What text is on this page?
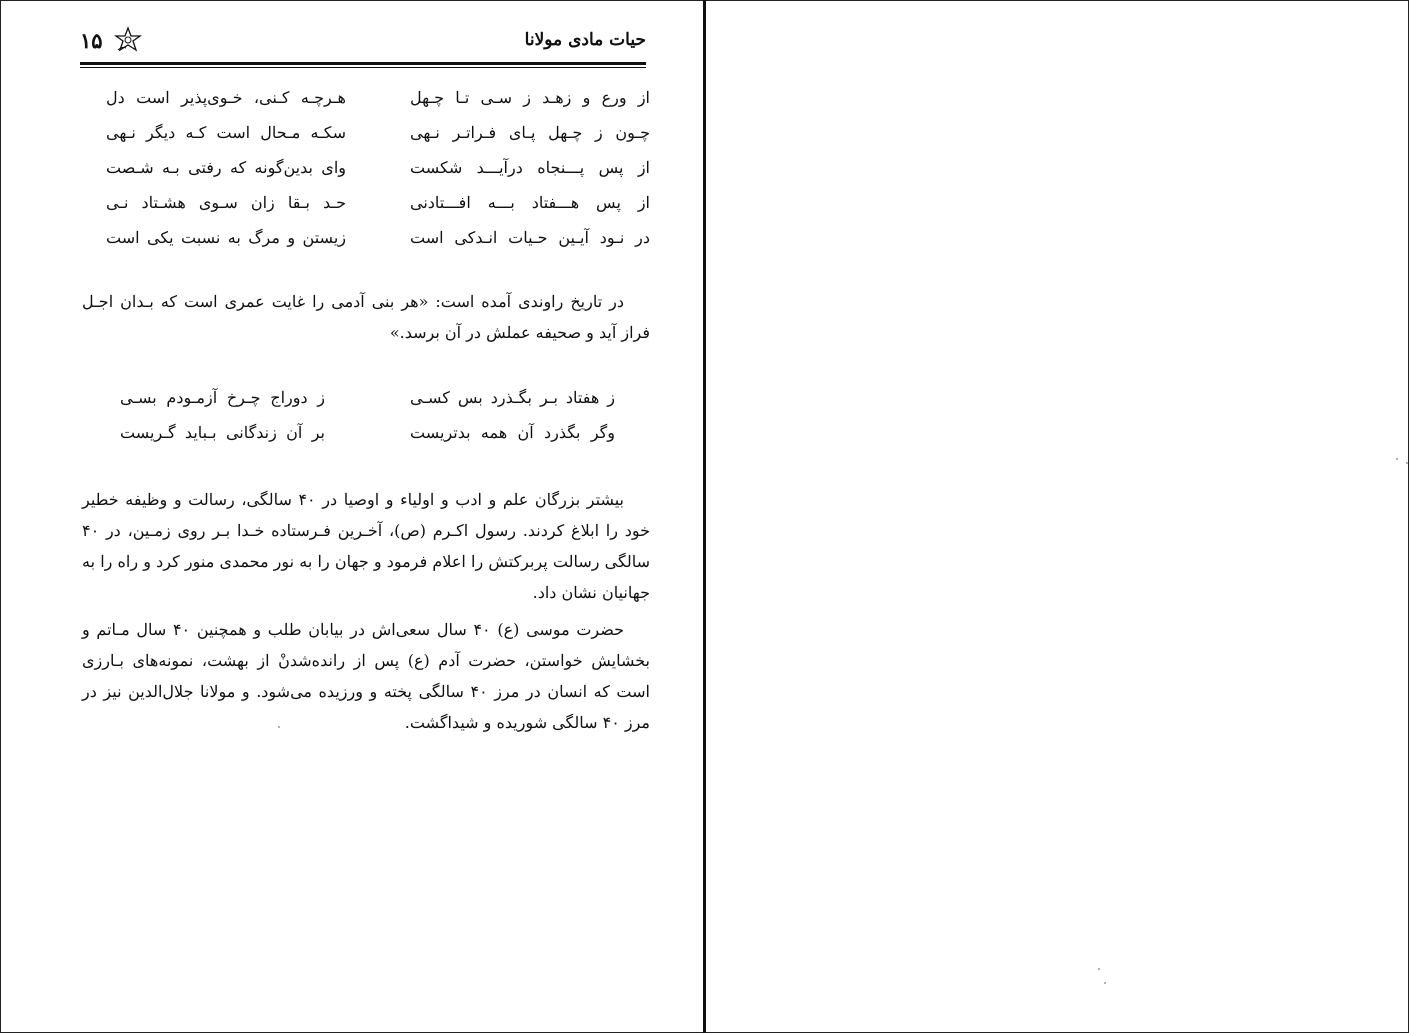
حیات مادی مولانا
۱۵
از ورع و زهـد ز سـی تـا چـهل
هـرچـه کـنی، خـوی‌پذیر است دل
چـون ز چـهل پـای فـراتـر نـهی
سکـه مـحال است کـه دیگر نـهی
از پس پـــنجاه درآیـــد شکست
وای بدین‌گونه که رفتی بـه شـصت
از پس هـــفتاد بـــه افـــتادنی
حـد بـقا زان سـوی هشـتاد نـی
در نـود آیـین حـیات انـدکی است
زیستن و مرگ به نسبت یکی است

در تاریخ راوندی آمده است: «هر بنی آدمی را غایت عمری است که بـدان اجـل فراز آید و صحیفه عملش در آن برسد.»

ز هفتاد بـر بگـذرد بس کسـی
ز دوراج چـرخ آزمـودم بسـی
وگر بگذرد آن همه بدتریست
بر آن زندگانی بـباید گـریست

بیشتر بزرگان علم و ادب و اولیاء و اوصیا در ۴۰ سالگی، رسالت و وظیفه خطیر خود را ابلاغ کردند. رسول اکـرم (ص)، آخـرین فـرستاده خـدا بـر روی زمـین، در ۴۰ سالگی رسالت پربرکتش را اعلام فرمود و جهان را به نور محمدی منور کرد و راه را به جهانیان نشان داد.

حضرت موسی (ع) ۴۰ سال سعی‌اش در بیابان طلب و همچنین ۴۰ سال مـاتم و بخشایش خواستن، حضرت آدم (ع) پس از رانده‌شدنْ از بهشت، نمونه‌های بـارزی است که انسان در مرز ۴۰ سالگی پخته و ورزیده می‌شود. و مولانا جلال‌الدین نیز در مرز ۴۰ سالگی شوریده و شیداگشت.
